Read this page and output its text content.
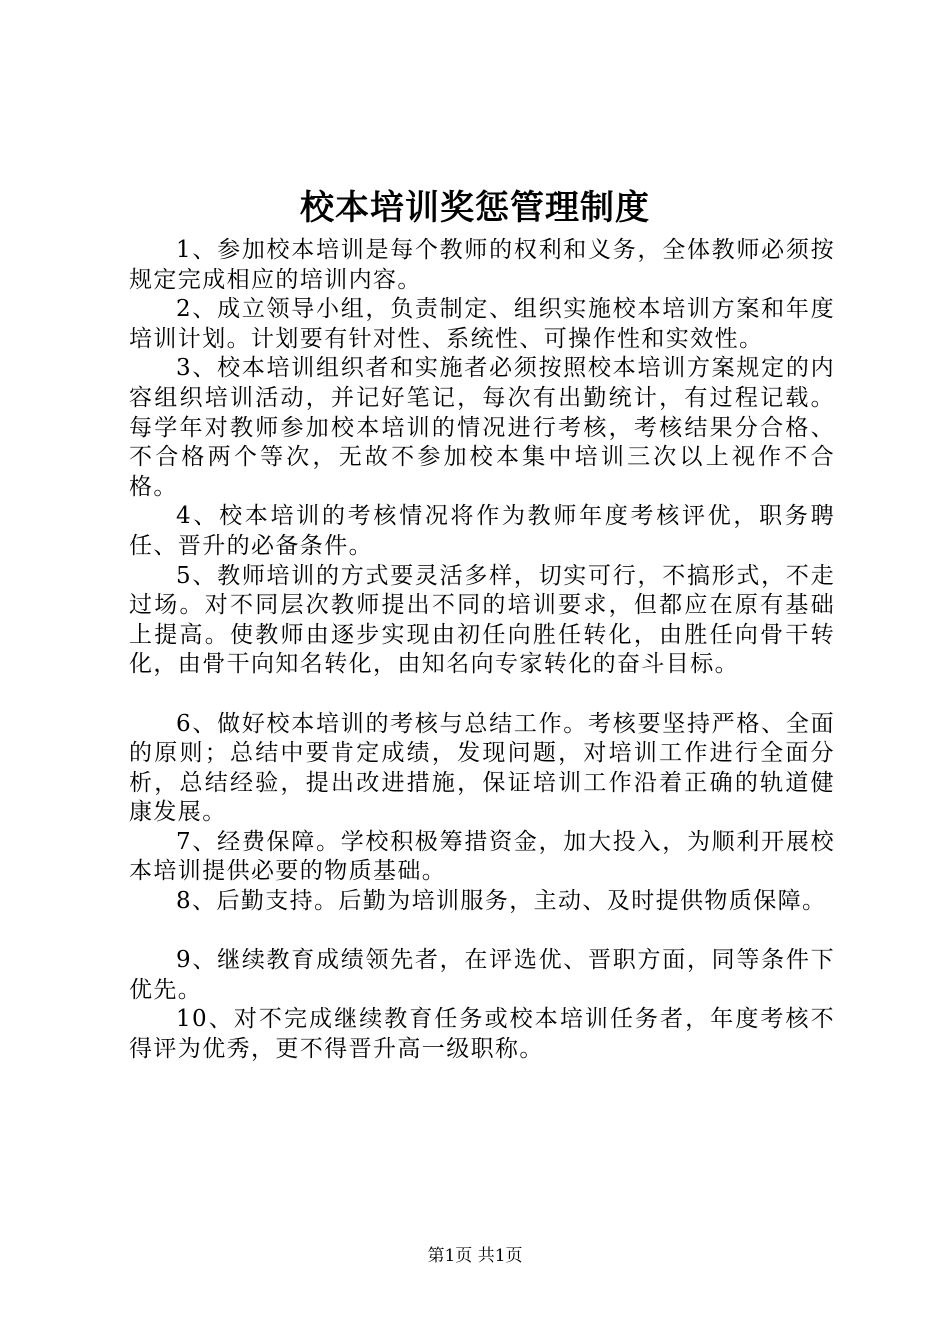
校本培训奖惩管理制度

1、参加校本培训是每个教师的权利和义务，全体教师必须按规定完成相应的培训内容。

2、成立领导小组，负责制定、组织实施校本培训方案和年度培训计划。计划要有针对性、系统性、可操作性和实效性。

3、校本培训组织者和实施者必须按照校本培训方案规定的内容组织培训活动，并记好笔记，每次有出勤统计，有过程记载。每学年对教师参加校本培训的情况进行考核，考核结果分合格、不合格两个等次，无故不参加校本集中培训三次以上视作不合格。

4、校本培训的考核情况将作为教师年度考核评优，职务聘任、晋升的必备条件。

5、教师培训的方式要灵活多样，切实可行，不搞形式，不走过场。对不同层次教师提出不同的培训要求，但都应在原有基础上提高。使教师由逐步实现由初任向胜任转化，由胜任向骨干转化，由骨干向知名转化，由知名向专家转化的奋斗目标。

6、做好校本培训的考核与总结工作。考核要坚持严格、全面的原则；总结中要肯定成绩，发现问题，对培训工作进行全面分析，总结经验，提出改进措施，保证培训工作沿着正确的轨道健康发展。

7、经费保障。学校积极筹措资金，加大投入，为顺利开展校本培训提供必要的物质基础。

8、后勤支持。后勤为培训服务，主动、及时提供物质保障。

9、继续教育成绩领先者，在评选优、晋职方面，同等条件下优先。

10、对不完成继续教育任务或校本培训任务者，年度考核不得评为优秀，更不得晋升高一级职称。

第1页 共1页
